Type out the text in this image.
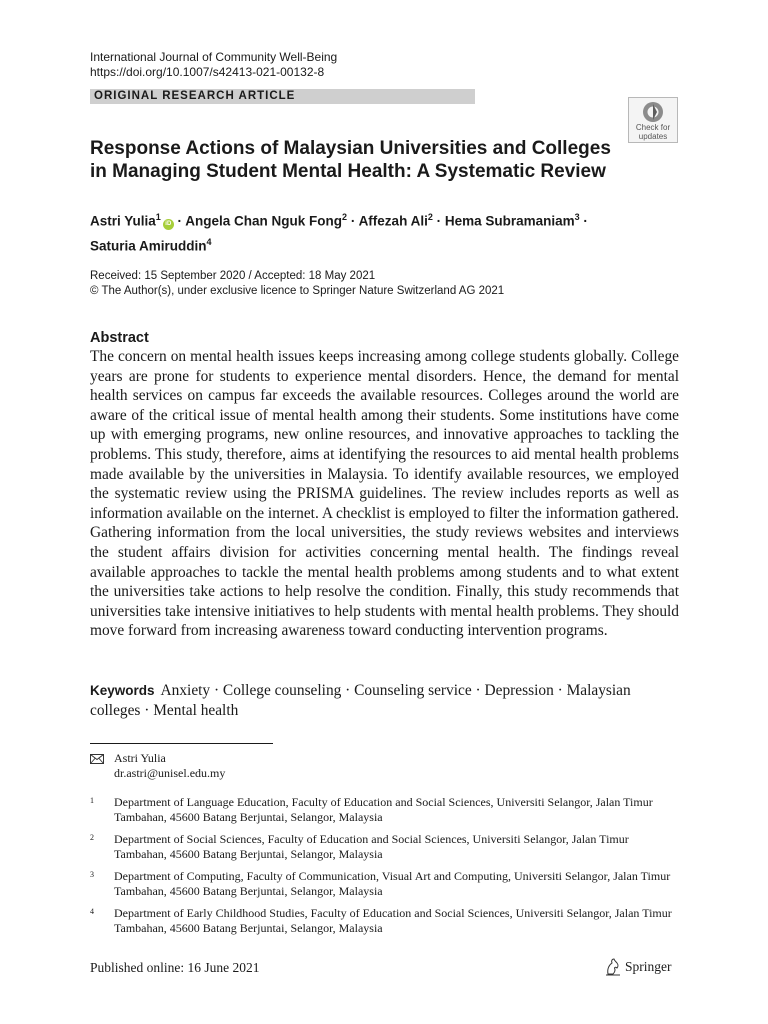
International Journal of Community Well-Being
https://doi.org/10.1007/s42413-021-00132-8
ORIGINAL RESEARCH ARTICLE
Check for
updates
Response Actions of Malaysian Universities and Colleges
in Managing Student Mental Health: A Systematic Review
Astri Yulia$^1$iD · Angela Chan Nguk Fong$^2$ · Affezah Ali$^2$ · Hema Subramaniam$^3$ ·
Saturia Amiruddin$^4$
Received: 15 September 2020 / Accepted: 18 May 2021
© The Author(s), under exclusive licence to Springer Nature Switzerland AG 2021
Abstract
The concern on mental health issues keeps increasing among college students globally. College years are prone for students to experience mental disorders. Hence, the demand for mental health services on campus far exceeds the available resources. Colleges around the world are aware of the critical issue of mental health among their students. Some institutions have come up with emerging programs, new online resources, and innovative approaches to tackling the problems. This study, therefore, aims at identifying the resources to aid mental health problems made available by the universities in Malaysia. To identify available resources, we employed the systematic review using the PRISMA guidelines. The review includes reports as well as information available on the internet. A checklist is employed to filter the information gathered. Gathering information from the local universities, the study reviews websites and interviews the student affairs division for activities concerning mental health. The findings reveal available approaches to tackle the mental health problems among students and to what extent the universities take actions to help resolve the condition. Finally, this study recommends that universities take intensive initiatives to help students with mental health problems. They should move forward from increasing awareness toward conducting intervention programs.
Keywords Anxiety · College counseling · Counseling service · Depression · Malaysian colleges · Mental health
Astri Yulia
dr.astri@unisel.edu.my
1 Department of Language Education, Faculty of Education and Social Sciences, Universiti Selangor, Jalan Timur Tambahan, 45600 Batang Berjuntai, Selangor, Malaysia
2 Department of Social Sciences, Faculty of Education and Social Sciences, Universiti Selangor, Jalan Timur Tambahan, 45600 Batang Berjuntai, Selangor, Malaysia
3 Department of Computing, Faculty of Communication, Visual Art and Computing, Universiti Selangor, Jalan Timur Tambahan, 45600 Batang Berjuntai, Selangor, Malaysia
4 Department of Early Childhood Studies, Faculty of Education and Social Sciences, Universiti Selangor, Jalan Timur Tambahan, 45600 Batang Berjuntai, Selangor, Malaysia
Published online: 16 June 2021	Springer
